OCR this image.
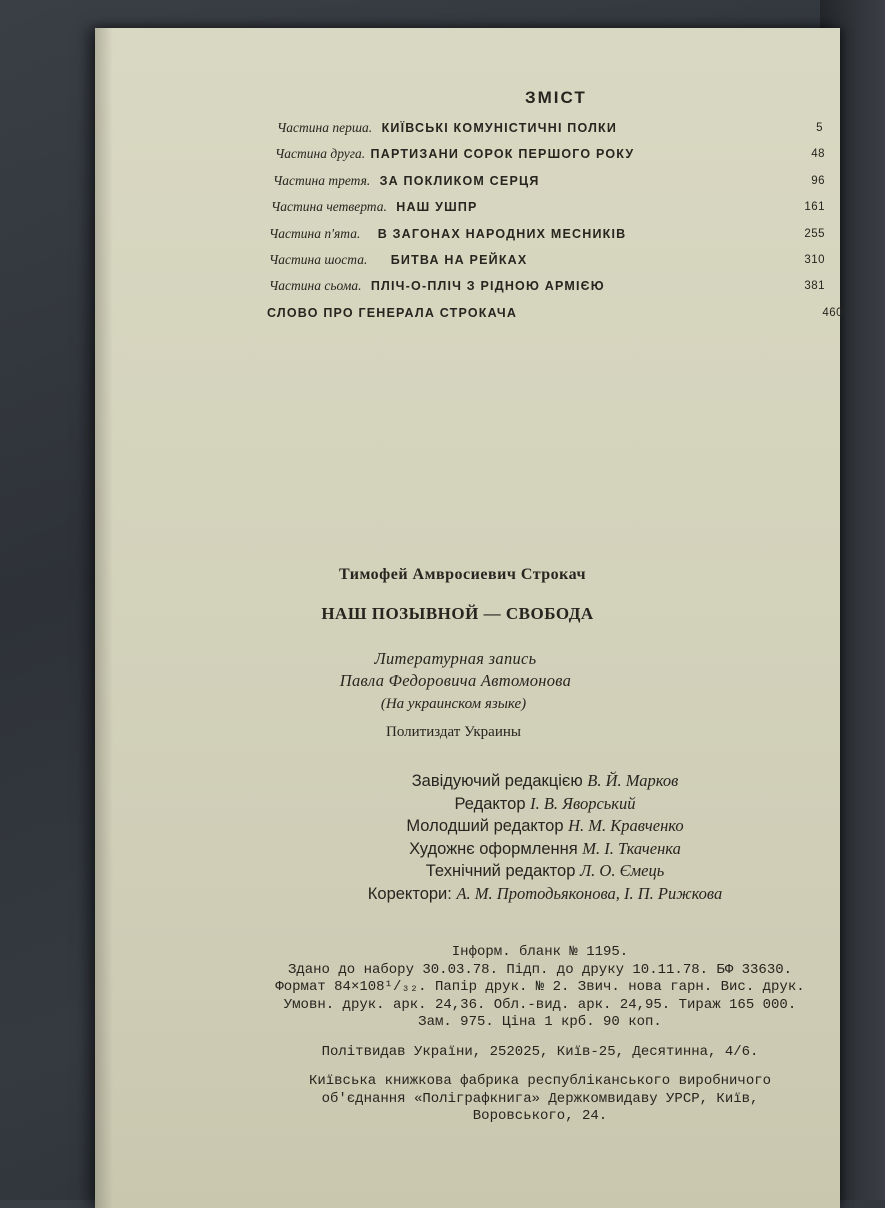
ЗМІСТ
Частина перша. КИЇВСЬКІ КОМУНІСТИЧНІ ПОЛКИ	5
Частина друга. ПАРТИЗАНИ СОРОК ПЕРШОГО РОКУ	48
Частина третя. ЗА ПОКЛИКОМ СЕРЦЯ	96
Частина четверта. НАШ УШПР	161
Частина п'ята. В ЗАГОНАХ НАРОДНИХ МЕСНИКІВ	255
Частина шоста. БИТВА НА РЕЙКАХ	310
Частина сьома. ПЛІЧ-О-ПЛІЧ З РІДНОЮ АРМІЄЮ	381
СЛОВО ПРО ГЕНЕРАЛА СТРОКАЧА	460
Тимофей Амвросиевич Строкач
НАШ ПОЗЫВНОЙ — СВОБОДА
Литературная запись
Павла Федоровича Автомонова
(На украинском языке)
Политиздат Украины
Завідуючий редакцією В. Й. Марков
Редактор І. В. Яворський
Молодший редактор Н. М. Кравченко
Художнє оформлення М. І. Ткаченка
Технічний редактор Л. О. Ємець
Коректори: А. М. Протодьяконова, І. П. Рижкова
Інформ. бланк № 1195.
Здано до набору 30.03.78. Підп. до друку 10.11.78. БФ 33630.
Формат 84×108¹/₃₂. Папір друк. № 2. Звич. нова гарн. Вис. друк.
Умовн. друк. арк. 24,36. Обл.-вид. арк. 24,95. Тираж 165 000.
Зам. 975. Ціна 1 крб. 90 коп.
Політвидав України, 252025, Київ-25, Десятинна, 4/6.
Київська книжкова фабрика республіканського виробничого
об'єднання «Поліграфкнига» Держкомвидаву УРСР, Київ,
Воровського, 24.
